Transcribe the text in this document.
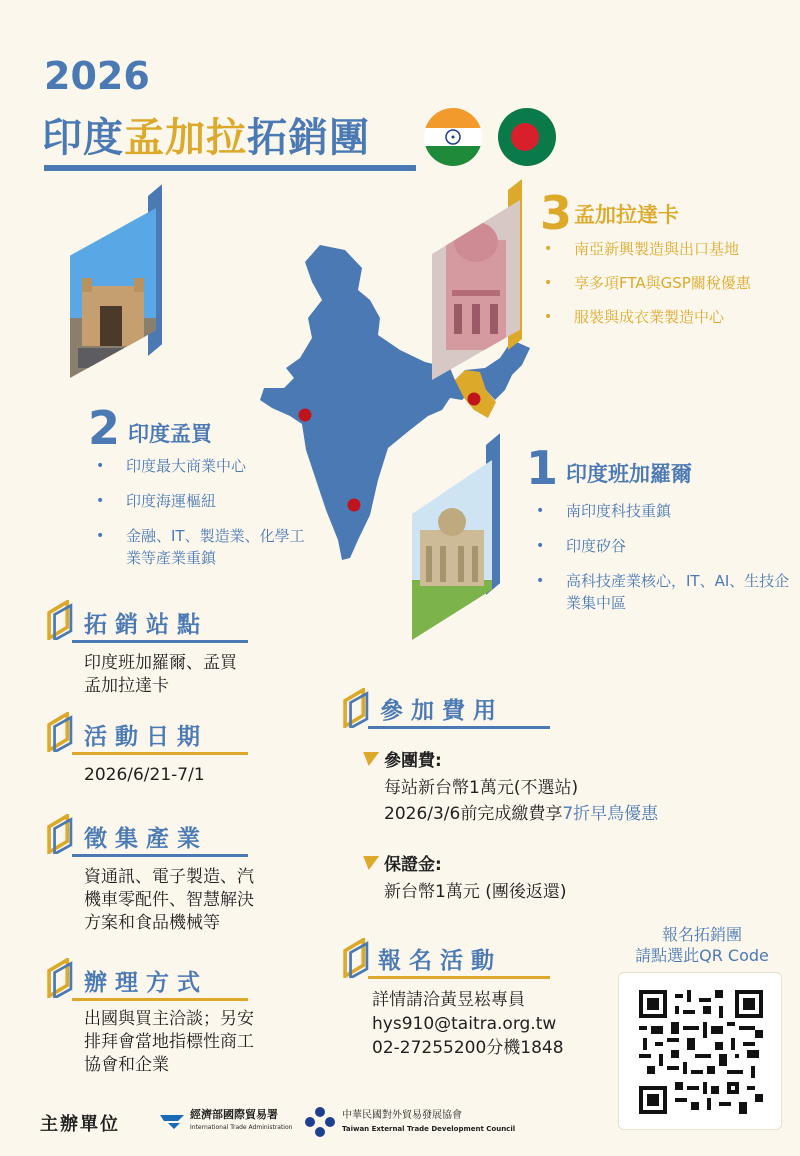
2026
印度孟加拉拓銷團
3 孟加拉達卡
• 南亞新興製造與出口基地
• 享多項FTA與GSP關稅優惠
• 服裝與成衣業製造中心
2 印度孟買
• 印度最大商業中心
• 印度海運樞紐
• 金融、IT、製造業、化學工業等產業重鎮
1 印度班加羅爾
• 南印度科技重鎮
• 印度矽谷
• 高科技產業核心，IT、AI、生技企業集中區
拓銷站點
印度班加羅爾、孟買
孟加拉達卡
活動日期
2026/6/21-7/1
徵集產業
資通訊、電子製造、汽
機車零配件、智慧解決
方案和食品機械等
辦理方式
出國與買主洽談；另安
排拜會當地指標性商工
協會和企業
參加費用
參團費:
每站新台幣1萬元(不選站)
2026/3/6前完成繳費享7折早鳥優惠
保證金:
新台幣1萬元 (團後返還)
報名活動
詳情請洽黃昱崧專員
hys910@taitra.org.tw
02-27255200分機1848
報名拓銷團
請點選此QR Code
主辦單位	經濟部國際貿易署
International Trade Administration
中華民國對外貿易發展協會
Taiwan External Trade Development Council
